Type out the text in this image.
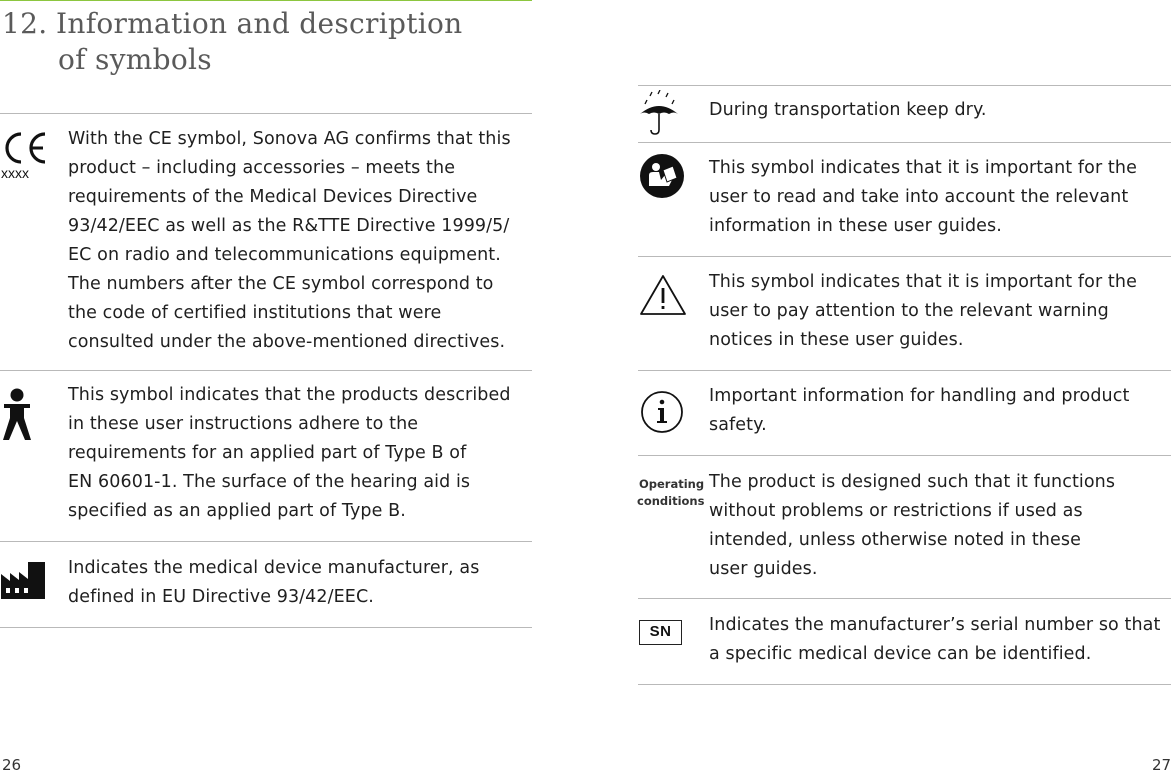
12. Information and description
of symbols
xxxx

With the CE symbol, Sonova AG confirms that this
product – including accessories – meets the
requirements of the Medical Devices Directive
93/42/EEC as well as the R&TTE Directive 1999/5/
EC on radio and telecommunications equipment.
The numbers after the CE symbol correspond to
the code of certified institutions that were
consulted under the above-mentioned directives.

This symbol indicates that the products described
in these user instructions adhere to the
requirements for an applied part of Type B of
EN 60601-1. The surface of the hearing aid is
specified as an applied part of Type B.

Indicates the medical device manufacturer, as
defined in EU Directive 93/42/EEC.

During transportation keep dry.

This symbol indicates that it is important for the
user to read and take into account the relevant
information in these user guides.

This symbol indicates that it is important for the
user to pay attention to the relevant warning
notices in these user guides.

Important information for handling and product
safety.

Operating
conditions

The product is designed such that it functions
without problems or restrictions if used as
intended, unless otherwise noted in these
user guides.

SN	Indicates the manufacturer’s serial number so that
a specific medical device can be identified.

26	27
